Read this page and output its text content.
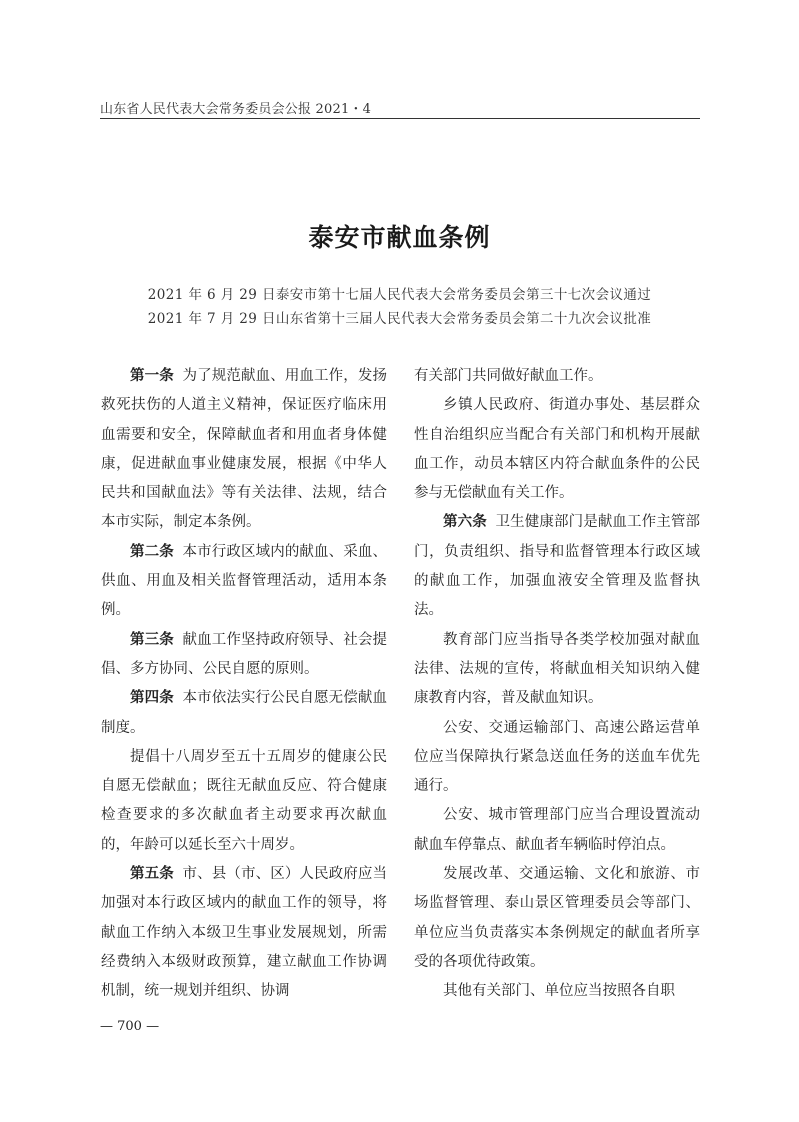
山东省人民代表大会常务委员会公报 2021・4
泰安市献血条例
2021 年 6 月 29 日泰安市第十七届人民代表大会常务委员会第三十七次会议通过
2021 年 7 月 29 日山东省第十三届人民代表大会常务委员会第二十九次会议批准

第一条 为了规范献血、用血工作，发扬救死扶伤的人道主义精神，保证医疗临床用血需要和安全，保障献血者和用血者身体健康，促进献血事业健康发展，根据《中华人民共和国献血法》等有关法律、法规，结合本市实际，制定本条例。

第二条 本市行政区域内的献血、采血、供血、用血及相关监督管理活动，适用本条例。

第三条 献血工作坚持政府领导、社会提倡、多方协同、公民自愿的原则。

第四条 本市依法实行公民自愿无偿献血制度。

提倡十八周岁至五十五周岁的健康公民自愿无偿献血；既往无献血反应、符合健康检查要求的多次献血者主动要求再次献血的，年龄可以延长至六十周岁。

第五条 市、县（市、区）人民政府应当加强对本行政区域内的献血工作的领导，将献血工作纳入本级卫生事业发展规划，所需经费纳入本级财政预算，建立献血工作协调机制，统一规划并组织、协调

有关部门共同做好献血工作。

乡镇人民政府、街道办事处、基层群众性自治组织应当配合有关部门和机构开展献血工作，动员本辖区内符合献血条件的公民参与无偿献血有关工作。

第六条 卫生健康部门是献血工作主管部门，负责组织、指导和监督管理本行政区域的献血工作，加强血液安全管理及监督执法。

教育部门应当指导各类学校加强对献血法律、法规的宣传，将献血相关知识纳入健康教育内容，普及献血知识。

公安、交通运输部门、高速公路运营单位应当保障执行紧急送血任务的送血车优先通行。

公安、城市管理部门应当合理设置流动献血车停靠点、献血者车辆临时停泊点。

发展改革、交通运输、文化和旅游、市场监督管理、泰山景区管理委员会等部门、单位应当负责落实本条例规定的献血者所享受的各项优待政策。

其他有关部门、单位应当按照各自职

— 700 —
